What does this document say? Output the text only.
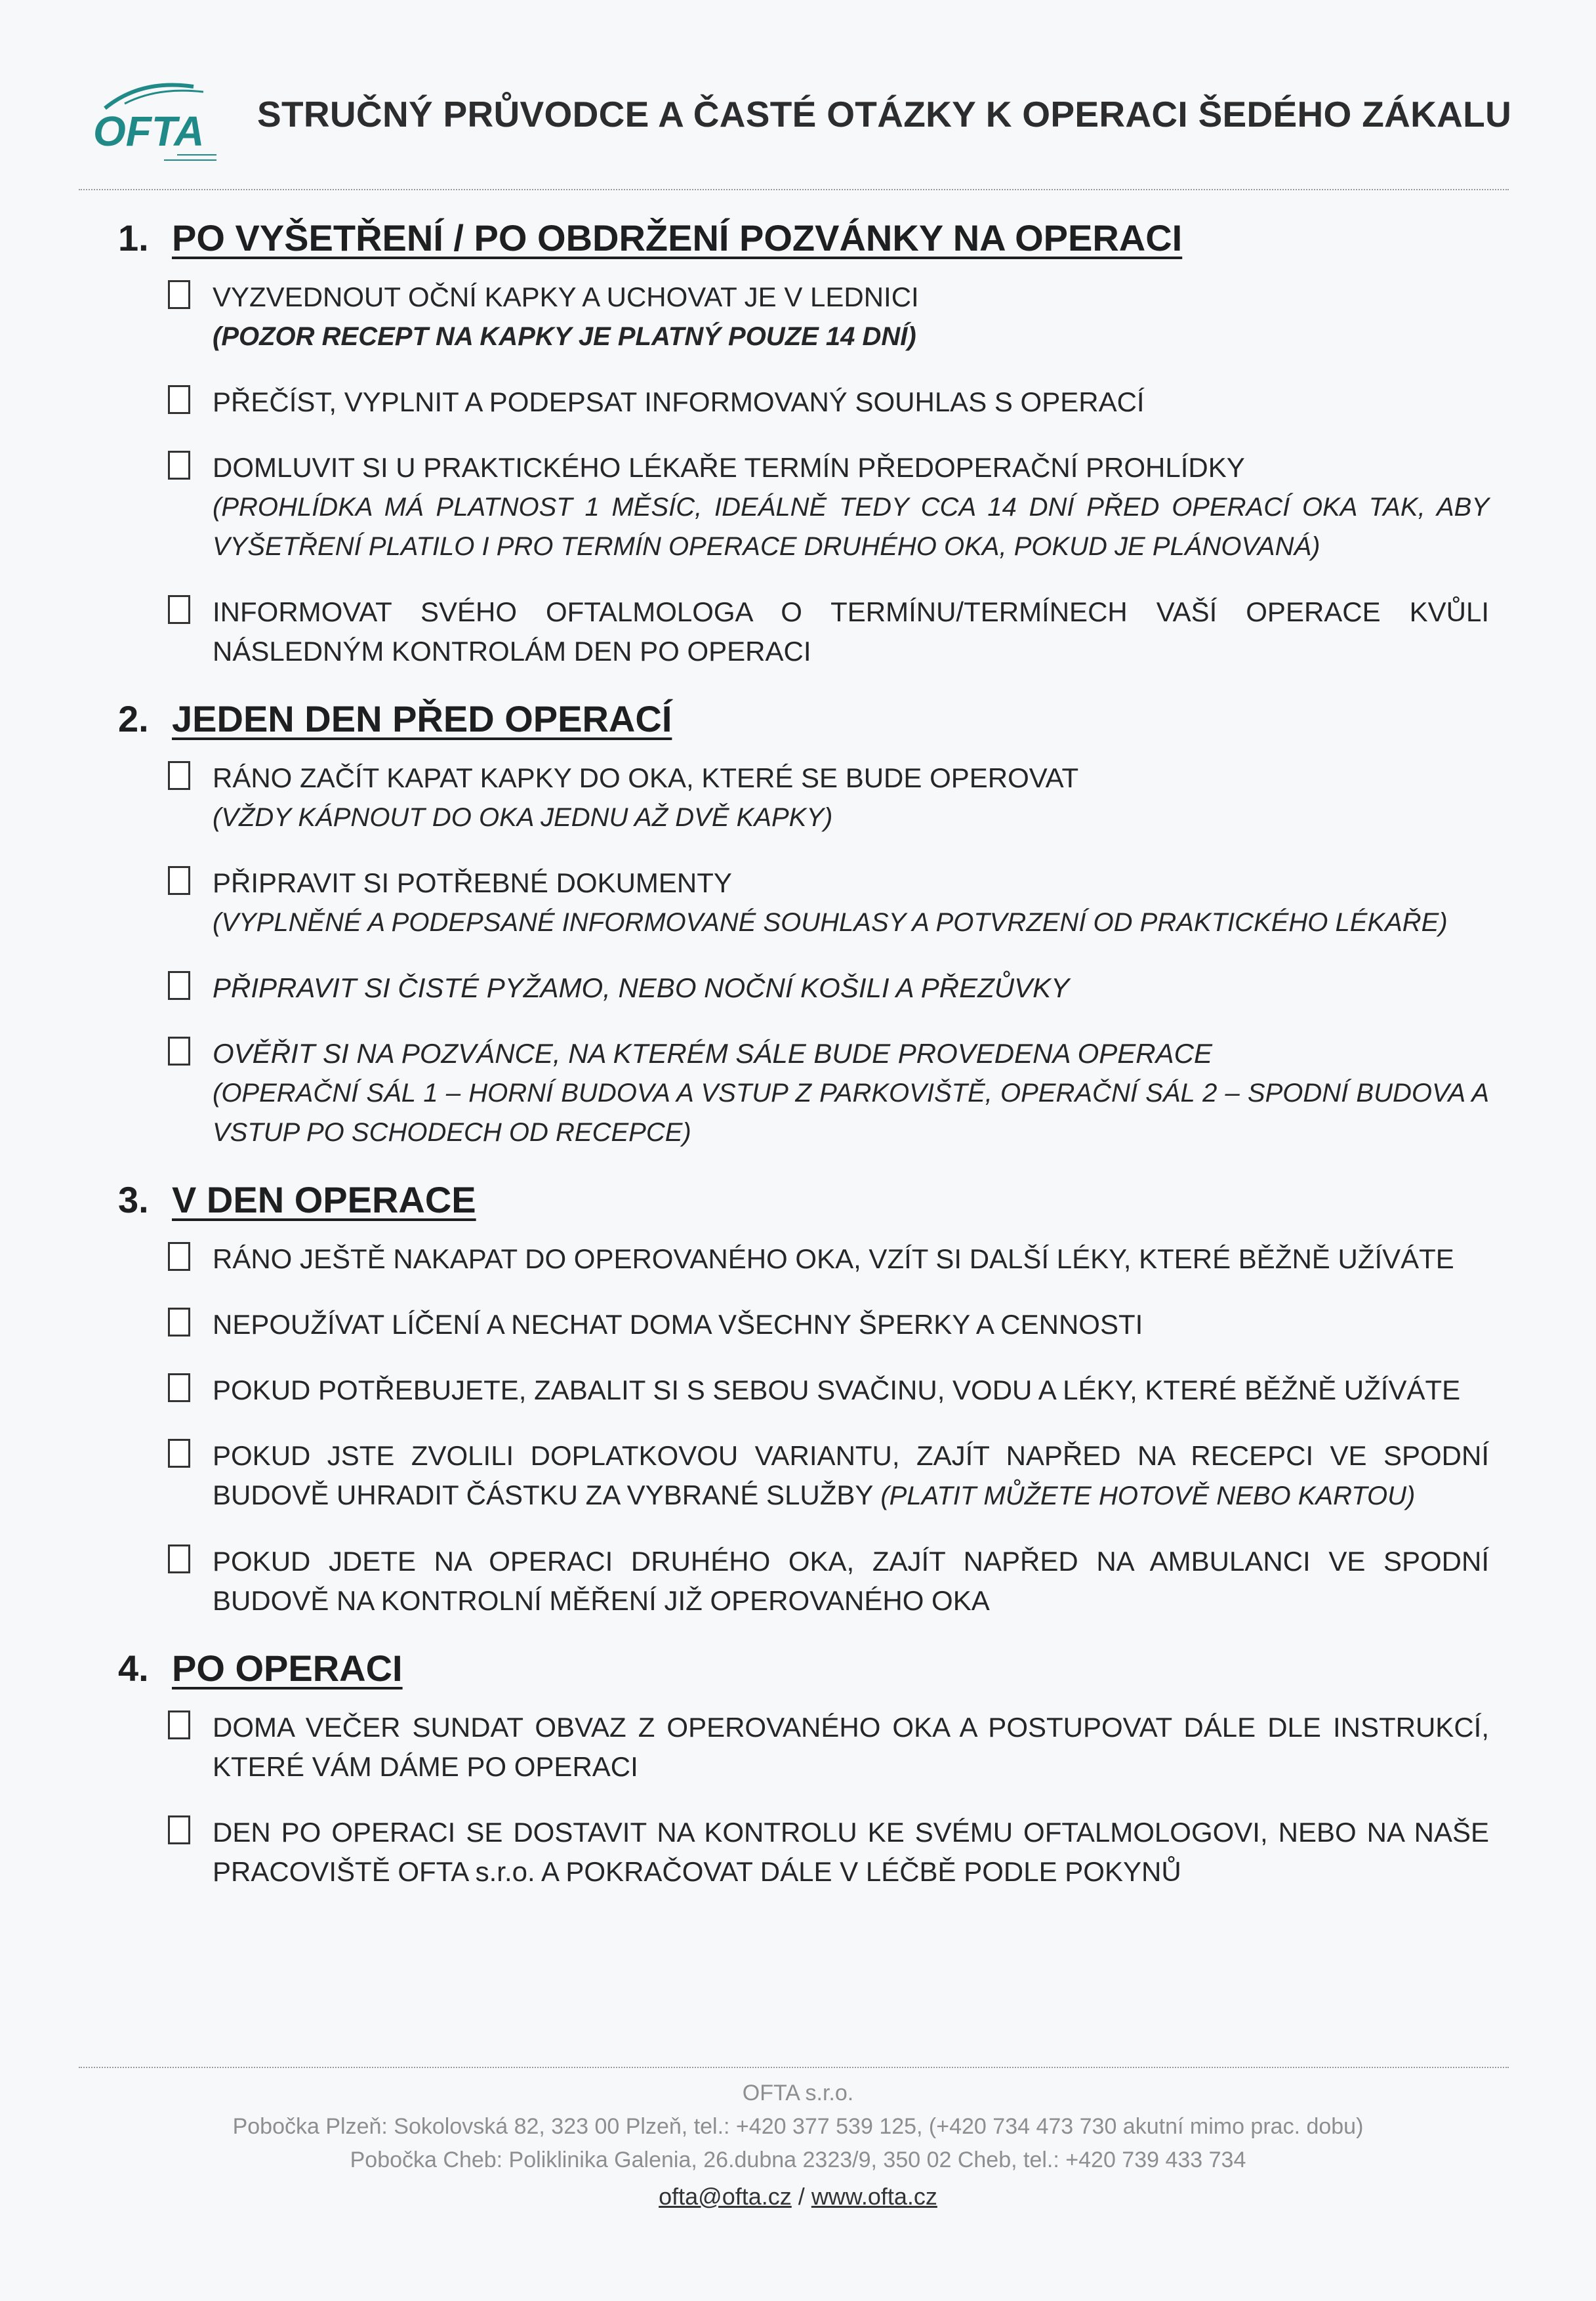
OFTA STRUČNÝ PRŮVODCE A ČASTÉ OTÁZKY K OPERACI ŠEDÉHO ZÁKALU
1. PO VYŠETŘENÍ / PO OBDRŽENÍ POZVÁNKY NA OPERACI
VYZVEDNOUT OČNÍ KAPKY A UCHOVAT JE V LEDNICI
(POZOR RECEPT NA KAPKY JE PLATNÝ POUZE 14 DNÍ)
PŘEČÍST, VYPLNIT A PODEPSAT INFORMOVANÝ SOUHLAS S OPERACÍ
DOMLUVIT SI U PRAKTICKÉHO LÉKAŘE TERMÍN PŘEDOPERAČNÍ PROHLÍDKY
(PROHLÍDKA MÁ PLATNOST 1 MĚSÍC, IDEÁLNĚ TEDY CCA 14 DNÍ PŘED OPERACÍ OKA TAK, ABY
VYŠETŘENÍ PLATILO I PRO TERMÍN OPERACE DRUHÉHO OKA, POKUD JE PLÁNOVANÁ)
INFORMOVAT SVÉHO OFTALMOLOGA O TERMÍNU/TERMÍNECH VAŠÍ OPERACE KVŮLI
NÁSLEDNÝM KONTROLÁM DEN PO OPERACI
2. JEDEN DEN PŘED OPERACÍ
RÁNO ZAČÍT KAPAT KAPKY DO OKA, KTERÉ SE BUDE OPEROVAT
(VŽDY KÁPNOUT DO OKA JEDNU AŽ DVĚ KAPKY)
PŘIPRAVIT SI POTŘEBNÉ DOKUMENTY
(VYPLNĚNÉ A PODEPSANÉ INFORMOVANÉ SOUHLASY A POTVRZENÍ OD PRAKTICKÉHO LÉKAŘE)
PŘIPRAVIT SI ČISTÉ PYŽAMO, NEBO NOČNÍ KOŠILI A PŘEZŮVKY
OVĚŘIT SI NA POZVÁNCE, NA KTERÉM SÁLE BUDE PROVEDENA OPERACE
(OPERAČNÍ SÁL 1 – HORNÍ BUDOVA A VSTUP Z PARKOVIŠTĚ, OPERAČNÍ SÁL 2 – SPODNÍ BUDOVA A
VSTUP PO SCHODECH OD RECEPCE)
3. V DEN OPERACE
RÁNO JEŠTĚ NAKAPAT DO OPEROVANÉHO OKA, VZÍT SI DALŠÍ LÉKY, KTERÉ BĚŽNĚ UŽÍVÁTE
NEPOUŽÍVAT LÍČENÍ A NECHAT DOMA VŠECHNY ŠPERKY A CENNOSTI
POKUD POTŘEBUJETE, ZABALIT SI S SEBOU SVAČINU, VODU A LÉKY, KTERÉ BĚŽNĚ UŽÍVÁTE
POKUD JSTE ZVOLILI DOPLATKOVOU VARIANTU, ZAJÍT NAPŘED NA RECEPCI VE SPODNÍ
BUDOVĚ UHRADIT ČÁSTKU ZA VYBRANÉ SLUŽBY (PLATIT MŮŽETE HOTOVĚ NEBO KARTOU)
POKUD JDETE NA OPERACI DRUHÉHO OKA, ZAJÍT NAPŘED NA AMBULANCI VE SPODNÍ
BUDOVĚ NA KONTROLNÍ MĚŘENÍ JIŽ OPEROVANÉHO OKA
4. PO OPERACI
DOMA VEČER SUNDAT OBVAZ Z OPEROVANÉHO OKA A POSTUPOVAT DÁLE DLE INSTRUKCÍ,
KTERÉ VÁM DÁME PO OPERACI
DEN PO OPERACI SE DOSTAVIT NA KONTROLU KE SVÉMU OFTALMOLOGOVI, NEBO NA NAŠE
PRACOVIŠTĚ OFTA s.r.o. A POKRAČOVAT DÁLE V LÉČBĚ PODLE POKYNŮ
OFTA s.r.o.
Pobočka Plzeň: Sokolovská 82, 323 00 Plzeň, tel.: +420 377 539 125, (+420 734 473 730 akutní mimo prac. dobu)
Pobočka Cheb: Poliklinika Galenia, 26.dubna 2323/9, 350 02 Cheb, tel.: +420 739 433 734
ofta@ofta.cz / www.ofta.cz
